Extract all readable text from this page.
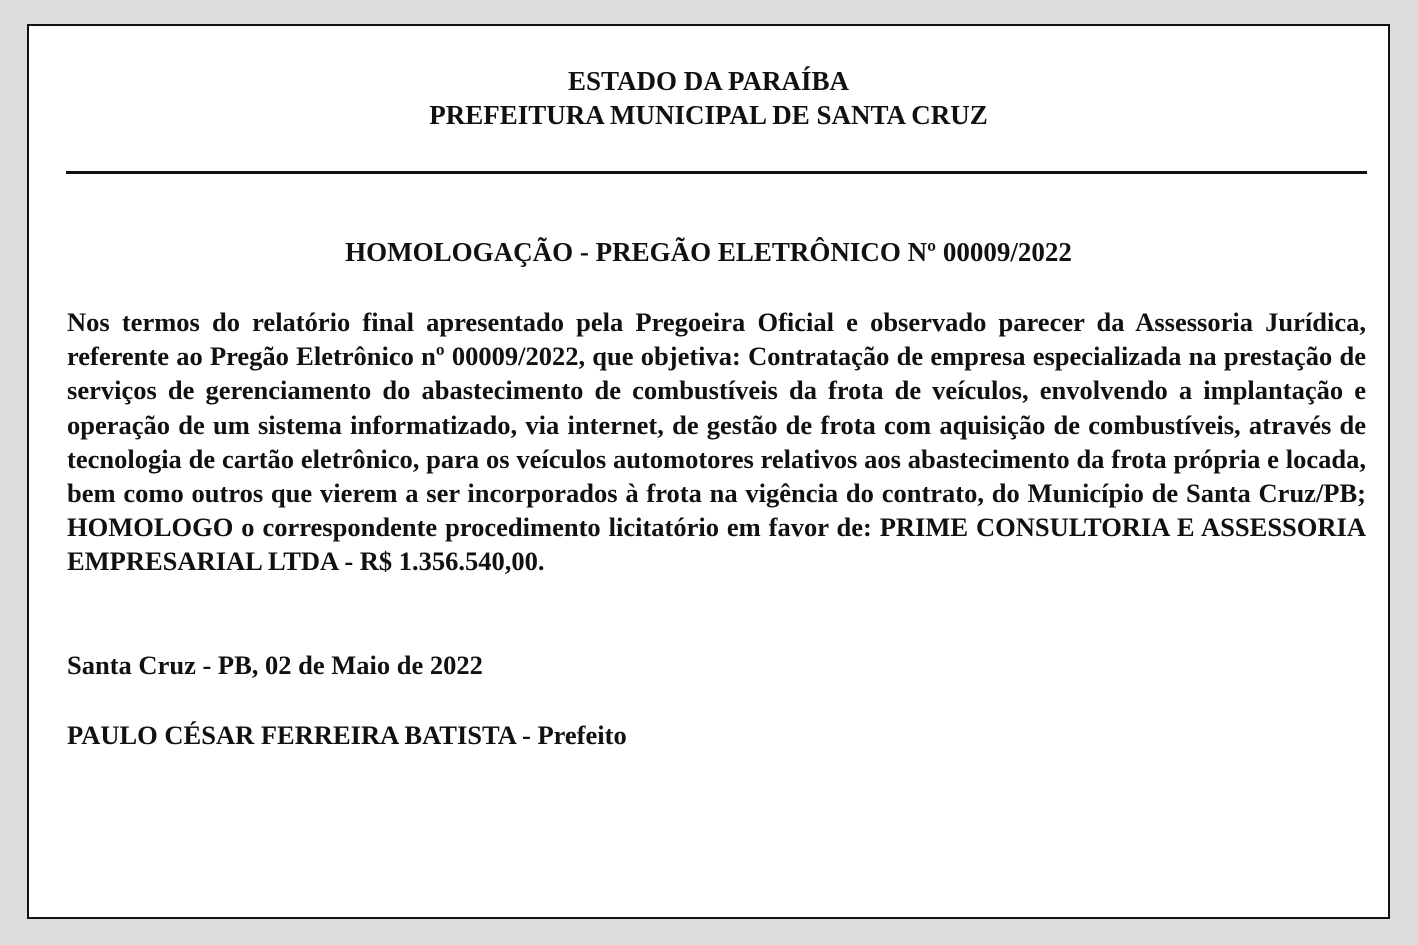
ESTADO DA PARAÍBA
PREFEITURA MUNICIPAL DE SANTA CRUZ
HOMOLOGAÇÃO - PREGÃO ELETRÔNICO Nº 00009/2022

Nos termos do relatório final apresentado pela Pregoeira Oficial e observado parecer da Assessoria Jurídica, referente ao Pregão Eletrônico nº 00009/2022, que objetiva: Contratação de empresa especializada na prestação de serviços de gerenciamento do abastecimento de combustíveis da frota de veículos, envolvendo a implantação e operação de um sistema informatizado, via internet, de gestão de frota com aquisição de combustíveis, através de tecnologia de cartão eletrônico, para os veículos automotores relativos aos abastecimento da frota própria e locada, bem como outros que vierem a ser incorporados à frota na vigência do contrato, do Município de Santa Cruz/PB; HOMOLOGO o correspondente procedimento licitatório em favor de: PRIME CONSULTORIA E ASSESSORIA EMPRESARIAL LTDA - R$ 1.356.540,00.

Santa Cruz - PB, 02 de Maio de 2022
PAULO CÉSAR FERREIRA BATISTA - Prefeito
